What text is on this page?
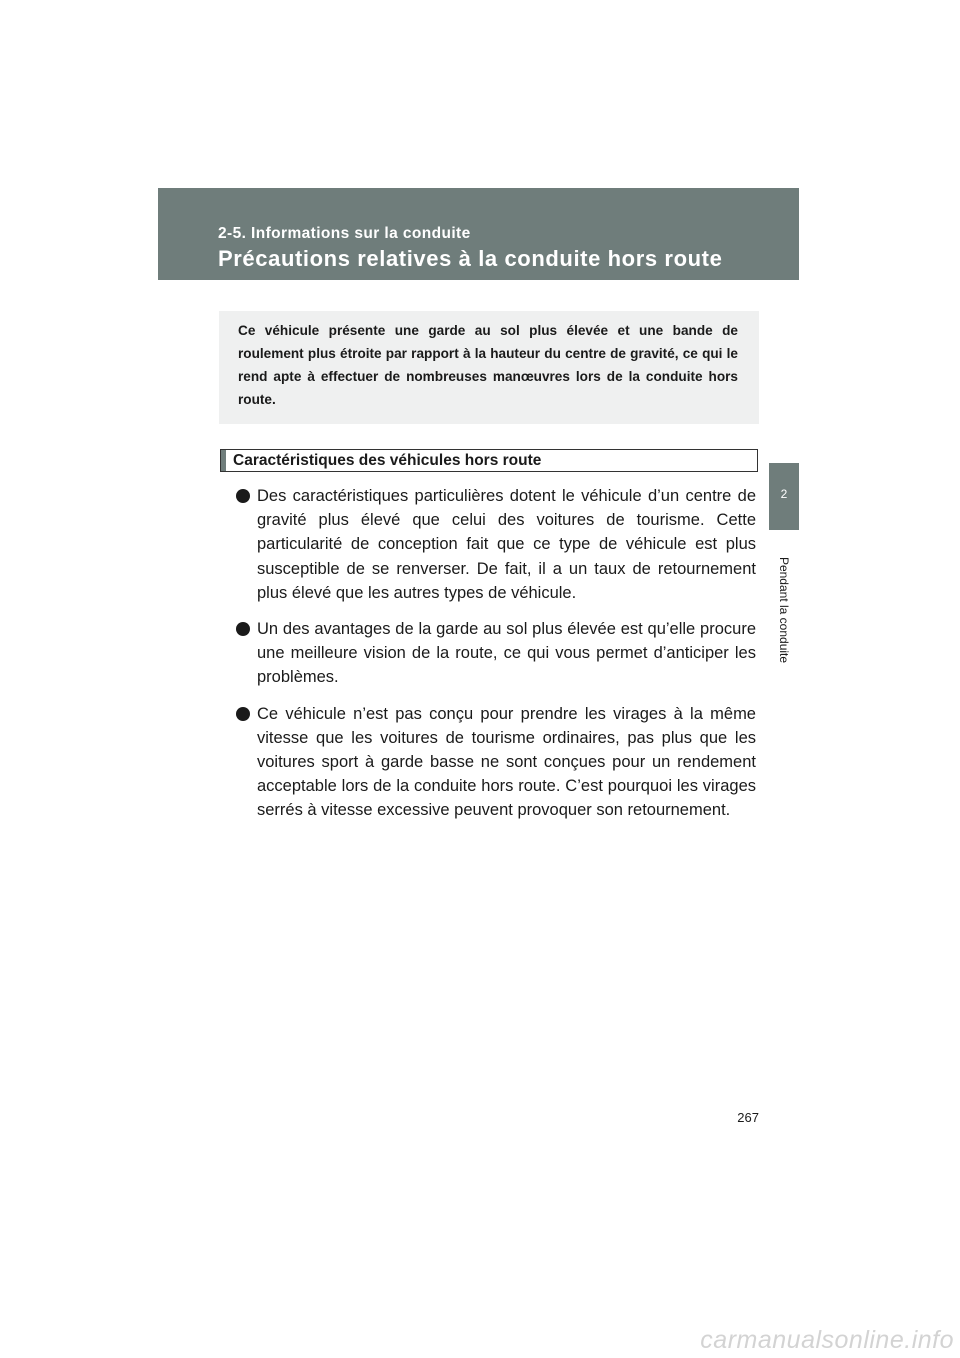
2-5. Informations sur la conduite
Précautions relatives à la conduite hors route
2
Pendant la conduite
Ce véhicule présente une garde au sol plus élevée et une bande de roulement plus étroite par rapport à la hauteur du centre de gravité, ce qui le rend apte à effectuer de nombreuses manœuvres lors de la conduite hors route.
Caractéristiques des véhicules hors route
Des caractéristiques particulières dotent le véhicule d’un centre de gravité plus élevé que celui des voitures de tourisme. Cette particularité de conception fait que ce type de véhicule est plus susceptible de se renverser. De fait, il a un taux de retournement plus élevé que les autres types de véhicule.
Un des avantages de la garde au sol plus élevée est qu’elle procure une meilleure vision de la route, ce qui vous permet d’anticiper les problèmes.
Ce véhicule n’est pas conçu pour prendre les virages à la même vitesse que les voitures de tourisme ordinaires, pas plus que les voitures sport à garde basse ne sont conçues pour un rendement acceptable lors de la conduite hors route. C’est pourquoi les virages serrés à vitesse excessive peuvent provoquer son retournement.
267
carmanualsonline.info
